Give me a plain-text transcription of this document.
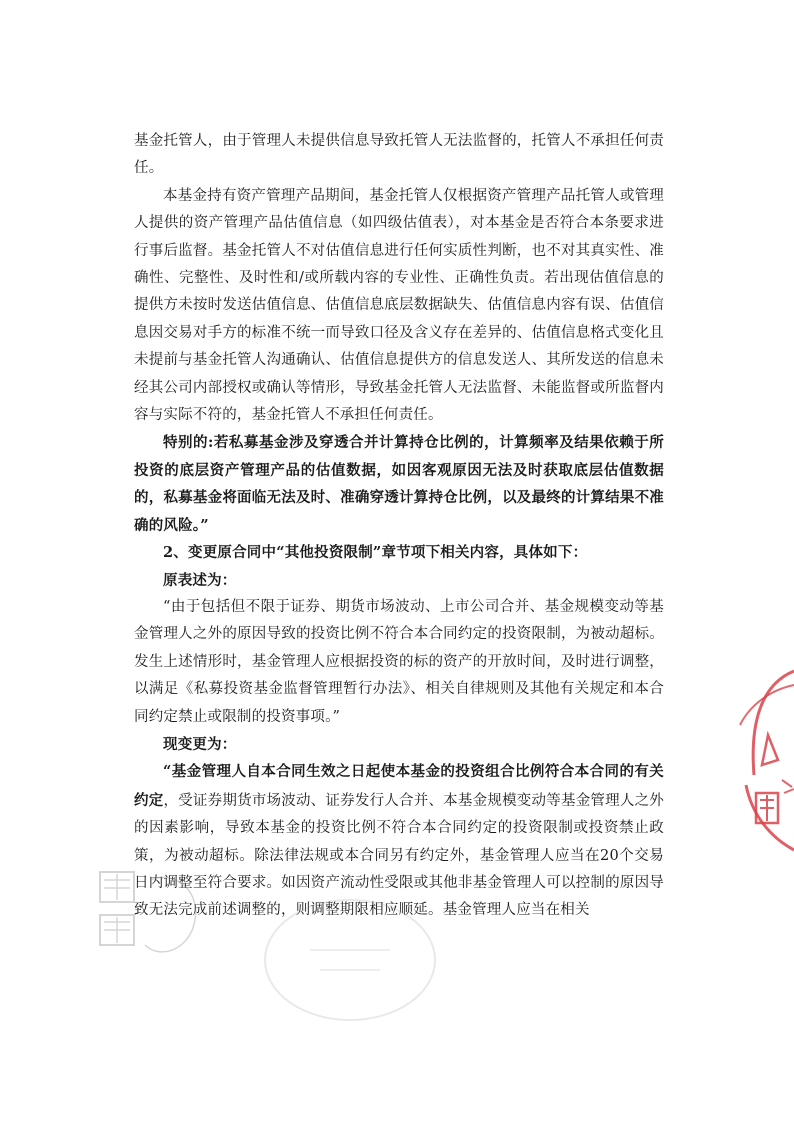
基金托管人，由于管理人未提供信息导致托管人无法监督的，托管人不承担任何责任。

本基金持有资产管理产品期间，基金托管人仅根据资产管理产品托管人或管理人提供的资产管理产品估值信息（如四级估值表），对本基金是否符合本条要求进行事后监督。基金托管人不对估值信息进行任何实质性判断，也不对其真实性、准确性、完整性、及时性和/或所载内容的专业性、正确性负责。若出现估值信息的提供方未按时发送估值信息、估值信息底层数据缺失、估值信息内容有误、估值信息因交易对手方的标准不统一而导致口径及含义存在差异的、估值信息格式变化且未提前与基金托管人沟通确认、估值信息提供方的信息发送人、其所发送的信息未经其公司内部授权或确认等情形，导致基金托管人无法监督、未能监督或所监督内容与实际不符的，基金托管人不承担任何责任。

特别的:若私募基金涉及穿透合并计算持仓比例的，计算频率及结果依赖于所投资的底层资产管理产品的估值数据，如因客观原因无法及时获取底层估值数据的，私募基金将面临无法及时、准确穿透计算持仓比例，以及最终的计算结果不准确的风险。”

2、变更原合同中“其他投资限制”章节项下相关内容，具体如下：

原表述为：

“由于包括但不限于证券、期货市场波动、上市公司合并、基金规模变动等基金管理人之外的原因导致的投资比例不符合本合同约定的投资限制，为被动超标。发生上述情形时，基金管理人应根据投资的标的资产的开放时间，及时进行调整，以满足《私募投资基金监督管理暂行办法》、相关自律规则及其他有关规定和本合同约定禁止或限制的投资事项。”

现变更为：

“基金管理人自本合同生效之日起使本基金的投资组合比例符合本合同的有关约定，受证券期货市场波动、证券发行人合并、本基金规模变动等基金管理人之外的因素影响，导致本基金的投资比例不符合本合同约定的投资限制或投资禁止政策，为被动超标。除法律法规或本合同另有约定外，基金管理人应当在20个交易日内调整至符合要求。如因资产流动性受限或其他非基金管理人可以控制的原因导致无法完成前述调整的，则调整期限相应顺延。基金管理人应当在相关
